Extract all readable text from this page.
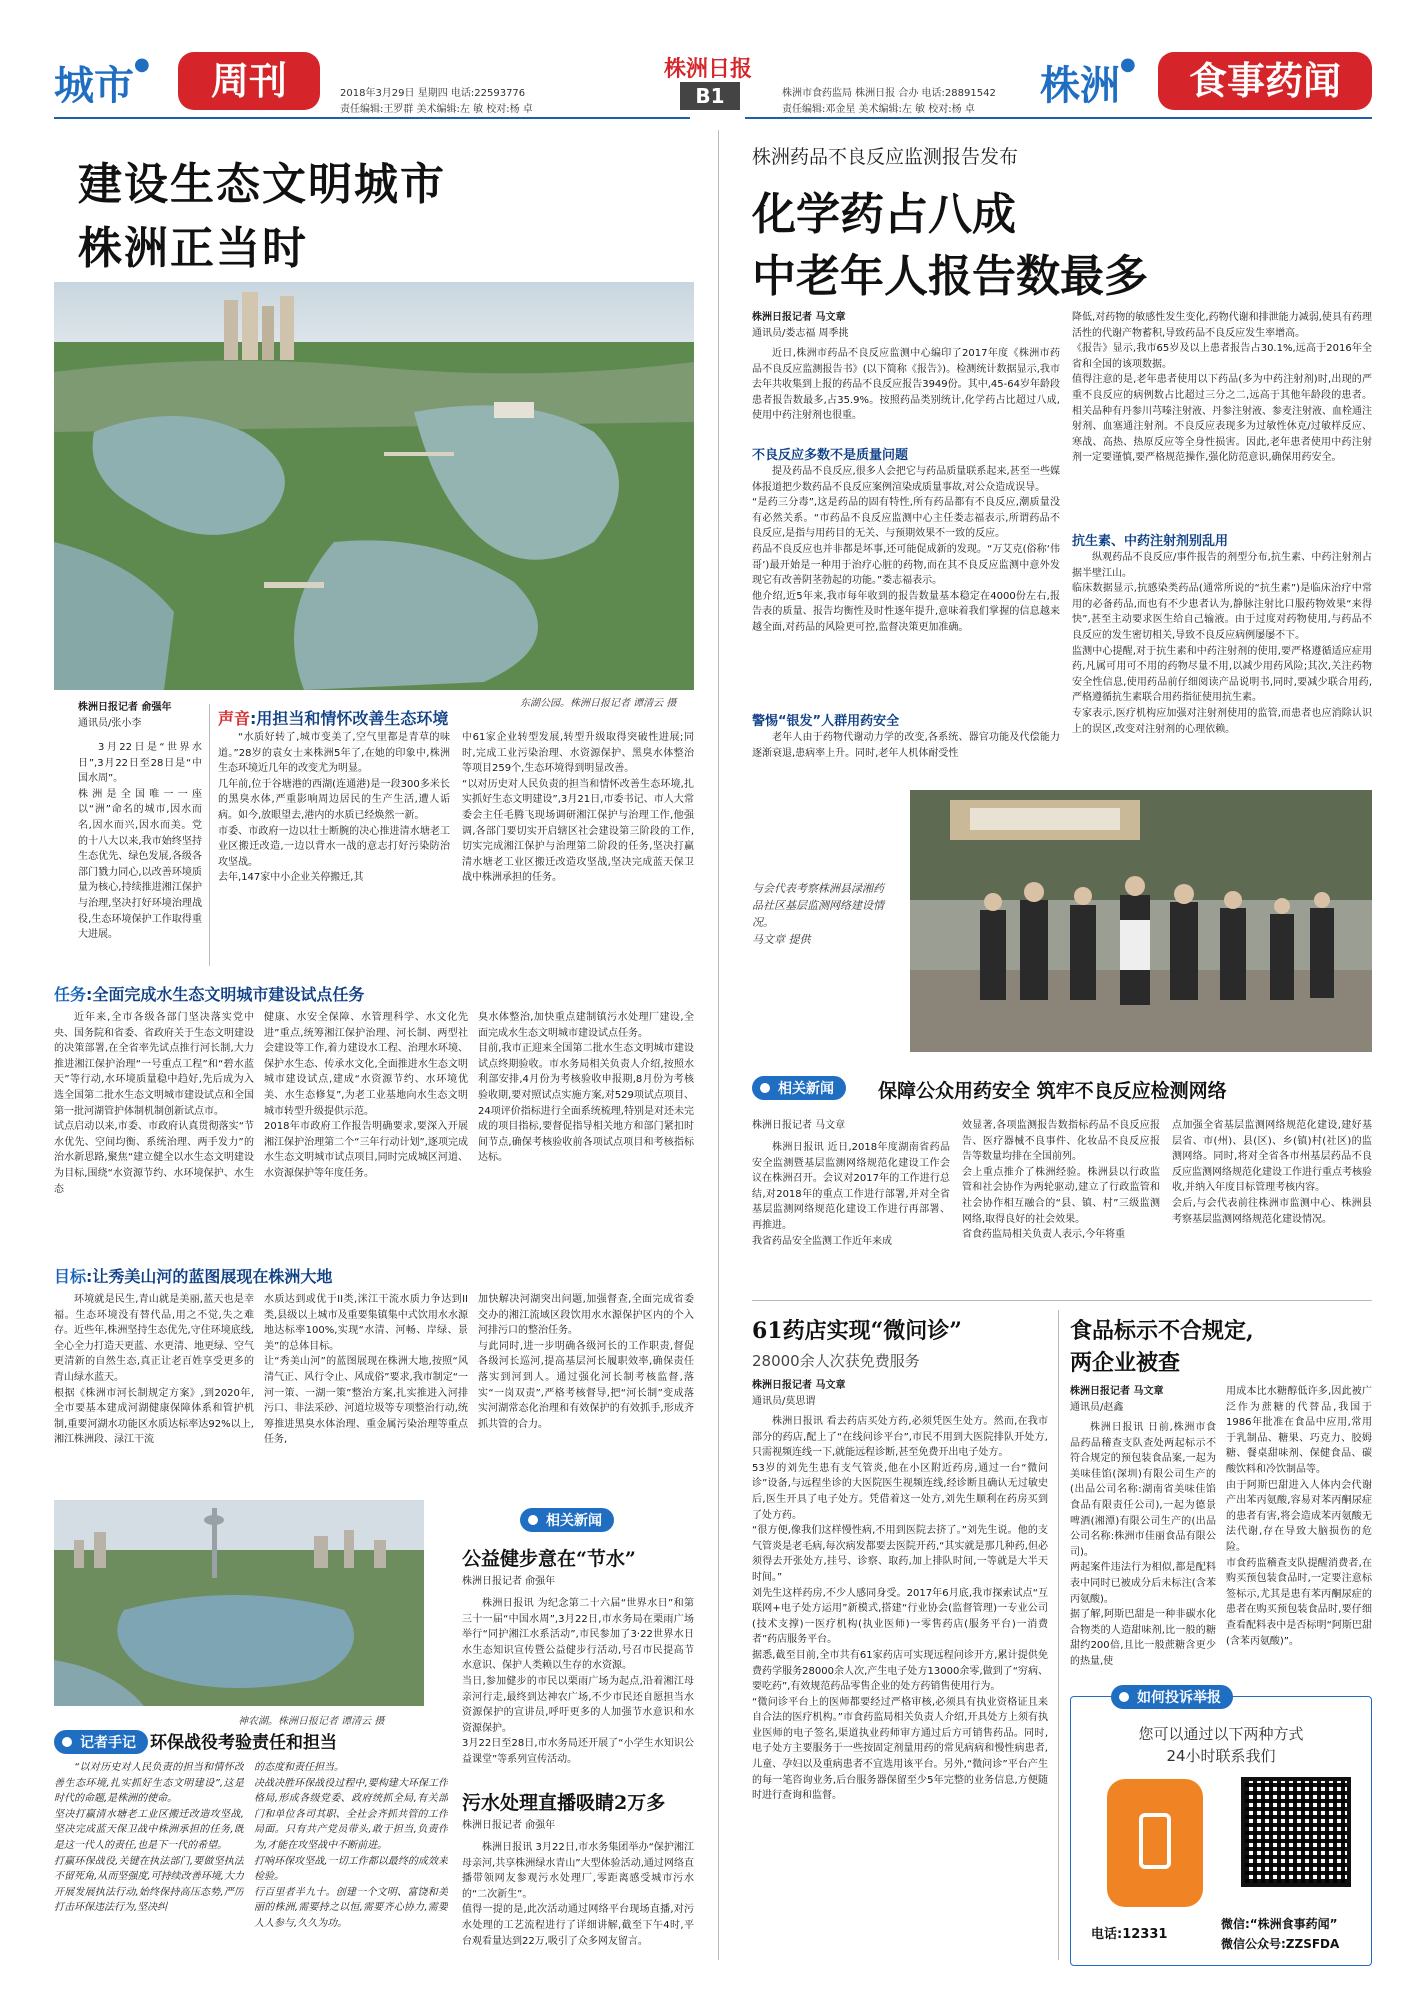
城市●	周刊	2018年3月29日 星期四 电话:22593776
责任编辑:王罗群 美术编辑:左 敏 校对:杨 卓
株洲日报
B1	株洲市食药监局 株洲日报 合办 电话:28891542
责任编辑:邓金星 美术编辑:左 敏 校对:杨 卓
株洲●	食事药闻
建设生态文明城市
株洲正当时
东湖公园。株洲日报记者 谭清云 摄
株洲日报记者 俞强年
通讯员/张小李
3月22日是“世界水日”,3月22日至28日是“中国水周”。
株洲是全国唯一一座以“洲”命名的城市,因水而名,因水而兴,因水而美。党的十八大以来,我市始终坚持生态优先、绿色发展,各级各部门戮力同心,以改善环境质量为核心,持续推进湘江保护与治理,坚决打好环境治理战役,生态环境保护工作取得重大进展。
声音:用担当和情怀改善生态环境
“水质好转了,城市变美了,空气里都是青草的味道。”28岁的袁女士来株洲5年了,在她的印象中,株洲生态环境近几年的改变尤为明显。
几年前,位于谷塘港的西湖(连通港)是一段300多米长的黑臭水体,严重影响周边居民的生产生活,遭人诟病。如今,放眼望去,港内的水质已经焕然一新。
市委、市政府一边以壮士断腕的决心推进清水塘老工业区搬迁改造,一边以背水一战的意志打好污染防治攻坚战。
去年,147家中小企业关停搬迁,其
中61家企业转型发展,转型升级取得突破性进展;同时,完成工业污染治理、水资源保护、黑臭水体整治等项目259个,生态环境得到明显改善。
“以对历史对人民负责的担当和情怀改善生态环境,扎实抓好生态文明建设”,3月21日,市委书记、市人大常委会主任毛腾飞现场调研湘江保护与治理工作,他强调,各部门要切实开启辖区社会建设第三阶段的工作,切实完成湘江保护与治理第二阶段的任务,坚决打赢清水塘老工业区搬迁改造攻坚战,坚决完成蓝天保卫战中株洲承担的任务。
任务:全面完成水生态文明城市建设试点任务
近年来,全市各级各部门坚决落实党中央、国务院和省委、省政府关于生态文明建设的决策部署,在全省率先试点推行河长制,大力推进湘江保护治理“一号重点工程”和“碧水蓝天”等行动,水环境质量稳中趋好,先后成为入选全国第二批水生态文明城市建设试点和全国第一批河湖管护体制机制创新试点市。
试点启动以来,市委、市政府认真贯彻落实“节水优先、空间均衡、系统治理、两手发力”的治水新思路,聚焦“建立健全以水生态文明建设为目标,围绕“水资源节约、水环境保护、水生态
健康、水安全保障、水管理科学、水文化先进”重点,统筹湘江保护治理、河长制、两型社会建设等工作,着力建设水工程、治理水环境、保护水生态、传承水文化,全面推进水生态文明城市建设试点,建成“水资源节约、水环境优美、水生态修复”,为老工业基地向水生态文明城市转型升级提供示范。
2018年市政府工作报告明确要求,要深入开展湘江保护治理第二个“三年行动计划”,逐项完成水生态文明城市试点项目,同时完成城区河道、水资源保护等年度任务。
臭水体整治,加快重点建制镇污水处理厂建设,全面完成水生态文明城市建设试点任务。
目前,我市正迎来全国第二批水生态文明城市建设试点终期验收。市水务局相关负责人介绍,按照水利部安排,4月份为考核验收申报期,8月份为考核验收期,要对照试点实施方案,对529项试点项目、24项评价指标进行全面系统梳理,特别是对还未完成的项目指标,要督促指导相关地方和部门紧扣时间节点,确保考核验收前各项试点项目和考核指标达标。
目标:让秀美山河的蓝图展现在株洲大地
环境就是民生,青山就是美丽,蓝天也是幸福。生态环境没有替代品,用之不觉,失之难存。近些年,株洲坚持生态优先,守住环境底线,全心全力打造天更蓝、水更清、地更绿、空气更清新的自然生态,真正让老百姓享受更多的青山绿水蓝天。
根据《株洲市河长制规定方案》,到2020年,全市要基本建成河湖健康保障体系和管护机制,重要河湖水功能区水质达标率达92%以上,湘江株洲段、渌江干流
水质达到或优于II类,洣江干流水质力争达到II类,县级以上城市及重要集镇集中式饮用水水源地达标率100%,实现“水清、河畅、岸绿、景美”的总体目标。
让“秀美山河”的蓝图展现在株洲大地,按照“风清气正、风行令止、风成俗”要求,我市制定“一河一策、一湖一策”整治方案,扎实推进入河排污口、非法采砂、河道垃圾等专项整治行动,统筹推进黑臭水体治理、重金属污染治理等重点任务,
加快解决河湖突出问题,加强督查,全面完成省委交办的湘江流域区段饮用水水源保护区内的个入河排污口的整治任务。
与此同时,进一步明确各级河长的工作职责,督促各级河长巡河,提高基层河长履职效率,确保责任落实到河到人。通过强化河长制考核监督,落实“一岗双责”,严格考核督导,把“河长制”变成落实河湖常态化治理和有效保护的有效抓手,形成齐抓共管的合力。
神农湖。株洲日报记者 谭清云 摄
相关新闻
公益健步意在“节水”
株洲日报记者 俞强年
株洲日报讯 为纪念第二十六届“世界水日”和第三十一届“中国水周”,3月22日,市水务局在栗雨广场举行“同护湘江水系活动”,市民参加了3·22世界水日水生态知识宣传暨公益健步行活动,号召市民提高节水意识、保护人类赖以生存的水资源。
当日,参加健步的市民以栗雨广场为起点,沿着湘江母亲河行走,最终到达神农广场,不少市民还自愿担当水资源保护的宣讲员,呼吁更多的人加强节水意识和水资源保护。
3月22日至28日,市水务局还开展了“小学生水知识公益课堂”等系列宣传活动。
污水处理直播吸睛2万多
株洲日报记者 俞强年
株洲日报讯 3月22日,市水务集团举办“保护湘江母亲河,共享株洲绿水青山”大型体验活动,通过网络直播带领网友参观污水处理厂,零距离感受城市污水的“二次新生”。
值得一提的是,此次活动通过网络平台现场直播,对污水处理的工艺流程进行了详细讲解,截至下午4时,平台观看量达到22万,吸引了众多网友留言。
记者手记 环保战役考验责任和担当
“以对历史对人民负责的担当和情怀改善生态环境,扎实抓好生态文明建设”,这是时代的命题,是株洲的使命。
坚决打赢清水塘老工业区搬迁改造攻坚战,坚决完成蓝天保卫战中株洲承担的任务,既是这一代人的责任,也是下一代的希望。
打赢环保战役,关键在执法部门,要做坚执法不留死角,从而坚强度,可持续改善环境,大力开展发展执法行动,始终保持高压态势,严厉打击环保违法行为,坚决纠
的态度和责任担当。
决战决胜环保战役过程中,要构建大环保工作格局,形成各级党委、政府统抓全局,有关部门和单位各司其职、全社会齐抓共管的工作局面。只有共产党员带头,敢于担当,负责作为,才能在攻坚战中不断前进。
打响环保攻坚战,一切工作都以最终的成效来检验。
行百里者半九十。创建一个文明、富饶和美丽的株洲,需要持之以恒,需要齐心协力,需要人人参与,久久为功。
株洲药品不良反应监测报告发布
化学药占八成
中老年人报告数最多
株洲日报记者 马文章
通讯员/娄志福 周季挑
近日,株洲市药品不良反应监测中心编印了2017年度《株洲市药品不良反应监测报告书》(以下简称《报告》)。检测统计数据显示,我市去年共收集到上报的药品不良反应报告3949份。其中,45-64岁年龄段患者报告数最多,占35.9%。按照药品类别统计,化学药占比超过八成,使用中药注射剂也很重。
不良反应多数不是质量问题
提及药品不良反应,很多人会把它与药品质量联系起来,甚至一些媒体报道把少数药品不良反应案例渲染成质量事故,对公众造成误导。
“是药三分毒”,这是药品的固有特性,所有药品都有不良反应,潮质量没有必然关系。“市药品不良反应监测中心主任娄志福表示,所谓药品不良反应,是指与用药目的无关、与预期效果不一致的反应。
药品不良反应也并非都是坏事,还可能促成新的发现。“万艾克(俗称‘伟哥’)最开始是一种用于治疗心脏的药物,而在其不良反应监测中意外发现它有改善阴茎勃起的功能。”娄志福表示。
他介绍,近5年来,我市每年收到的报告数量基本稳定在4000份左右,报告表的质量、报告均衡性及时性逐年提升,意味着我们掌握的信息越来越全面,对药品的风险更可控,监督决策更加准确。
警惕“银发”人群用药安全
老年人由于药物代谢动力学的改变,各系统、器官功能及代偿能力逐渐衰退,患病率上升。同时,老年人机体耐受性
降低,对药物的敏感性发生变化,药物代谢和排泄能力减弱,使具有药理活性的代谢产物蓄积,导致药品不良反应发生率增高。
《报告》显示,我市65岁及以上患者报告占30.1%,远高于2016年全省和全国的该项数据。
值得注意的是,老年患者使用以下药品(多为中药注射剂)时,出现的严重不良反应的病例数占比超过三分之二,远高于其他年龄段的患者。相关品种有丹参川芎嗪注射液、丹参注射液、参麦注射液、血栓通注射剂、血塞通注射剂。不良反应表现多为过敏性休克/过敏样反应、寒战、高热、热原反应等全身性损害。因此,老年患者使用中药注射剂一定要谨慎,要严格规范操作,强化防范意识,确保用药安全。
抗生素、中药注射剂别乱用
纵观药品不良反应/事件报告的剂型分布,抗生素、中药注射剂占据半壁江山。
临床数据显示,抗感染类药品(通常所说的“抗生素”)是临床治疗中常用的必备药品,而也有不少患者认为,静脉注射比口服药物效果“来得快”,甚至主动要求医生给自己输液。由于过度对药物使用,与药品不良反应的发生密切相关,导致不良反应病例屡屡不下。
监测中心提醒,对于抗生素和中药注射剂的使用,要严格遵循适应症用药,凡属可用可不用的药物尽量不用,以减少用药风险;其次,关注药物安全性信息,使用药品前仔细阅读产品说明书,同时,要减少联合用药,严格遵循抗生素联合用药指征使用抗生素。
专家表示,医疗机构应加强对注射剂使用的监管,而患者也应消除认识上的误区,改变对注射剂的心理依赖。
与会代表考察株洲县渌湘药品社区基层监测网络建设情况。
马文章 提供
相关新闻	保障公众用药安全 筑牢不良反应检测网络
株洲日报记者 马文章
株洲日报讯 近日,2018年度湖南省药品安全监测暨基层监测网络规范化建设工作会议在株洲召开。会议对2017年的工作进行总结,对2018年的重点工作进行部署,并对全省基层监测网络规范化建设工作进行再部署、再推进。
我省药品安全监测工作近年来成
效显著,各项监测报告数指标药品不良反应报告、医疗器械不良事件、化妆品不良反应报告等数量均排在全国前列。
会上重点推介了株洲经验。株洲县以行政监管和社会协作为两轮驱动,建立了行政监管和社会协作相互融合的“县、镇、村”三级监测网络,取得良好的社会效果。
省食药监局相关负责人表示,今年将重
点加强全省基层监测网络规范化建设,建好基层省、市(州)、县(区)、乡(镇)村(社区)的监测网络。同时,将对全省各市州基层药品不良反应监测网络规范化建设工作进行重点考核验收,并纳入年度目标管理考核内容。
会后,与会代表前往株洲市监测中心、株洲县考察基层监测网络规范化建设情况。
61药店实现“微问诊”
28000余人次获免费服务
株洲日报记者 马文章
通讯员/莫思谓
株洲日报讯 看去药店买处方药,必须凭医生处方。然而,在我市部分的药店,配上了“在线问诊平台”,市民不用到大医院排队开处方,只需视频连线一下,就能远程诊断,甚至免费开出电子处方。
53岁的刘先生患有支气管炎,他在小区附近药房,通过一台“微问诊”设备,与远程坐诊的大医院医生视频连线,经诊断且确认无过敏史后,医生开具了电子处方。凭借着这一处方,刘先生顺利在药房买到了处方药。
“很方便,像我们这样慢性病,不用到医院去挤了。”刘先生说。他的支气管炎是老毛病,每次病发都要去医院开药,“其实就是那几种药,但必须得去开张处方,挂号、诊察、取药,加上排队时间,一等就是大半天时间。”
刘先生这样药房,不少人感同身受。2017年6月底,我市探索试点“互联网+电子处方运用”新模式,搭建“行业协会(监督管理)一专业公司(技术支撑)一医疗机构(执业医师)一零售药店(服务平台)一消费者”药店服务平台。
据悉,截至目前,全市共有61家药店可实现远程问诊开方,累计提供免费药学服务28000余人次,产生电子处方13000余零,做到了“穷病、要吃药”,有效规范药品零售企业的处方药销售使用行为。
“微问诊平台上的医师都要经过严格审核,必须具有执业资格证且来自合法的医疗机构。”市食药监局相关负责人介绍,开具处方上须有执业医师的电子签名,渠道执业药师审方通过后方可销售药品。同时,电子处方主要服务于一些按固定剂量用药的常见病病和慢性病患者,儿童、孕妇以及重病患者不宜选用该平台。另外,“微问诊”平台产生的每一笔咨询业务,后台服务器保留至少5年完整的业务信息,方便随时进行查询和监督。
食品标示不合规定,
两企业被查
株洲日报记者 马文章
通讯员/赵鑫
株洲日报讯 日前,株洲市食品药品稽查支队查处两起标示不符合规定的预包装食品案,一起为美味佳馅(深圳)有限公司生产的(出品公司名称:湖南省美味佳馅食品有限责任公司),一起为德景啤酒(湘潭)有限公司生产的(出品公司名称:株洲市佳丽食品有限公司)。
两起案件违法行为相似,都是配料表中同时已被成分后未标注(含苯丙氨酸)。
据了解,阿斯巴甜是一种非碳水化合物类的人造甜味剂,比一般的糖甜约200倍,且比一般蔗糖含更少的热量,使
用成本比水糖醇低许多,因此被广泛作为蔗糖的代替品,我国于1986年批准在食品中应用,常用于乳制品、糖果、巧克力、胶姆糖、餐桌甜味剂、保健食品、碳酸饮料和冷饮制品等。
由于阿斯巴甜进入人体内会代谢产出苯丙氨酸,容易对苯丙酮尿症的患者有害,将会造成苯丙氨酸无法代谢,存在导致大脑损伤的危险。
市食药监稽查支队提醒消费者,在购买预包装食品时,一定要注意标签标示,尤其是患有苯丙酮尿症的患者在购买预包装食品时,要仔细查看配料表中是否标明“阿斯巴甜(含苯丙氨酸)”。
如何投诉举报
您可以通过以下两种方式
24小时联系我们
电话:12331
微信:“株洲食事药闻”
微信公众号:ZZSFDA
